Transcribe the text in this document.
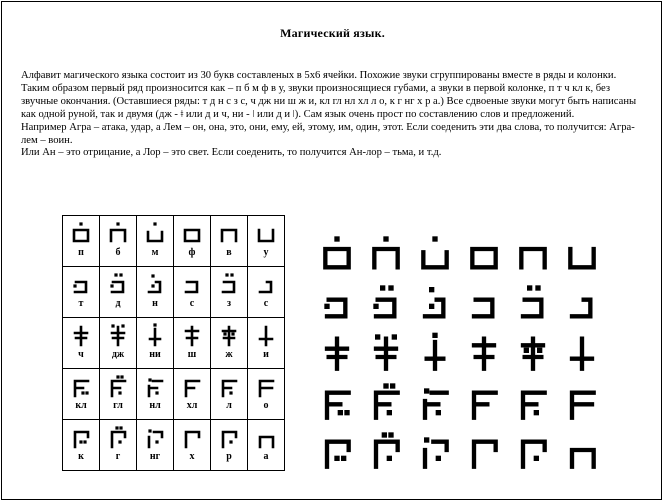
Магический язык.

Алфавит магического языка состоит из 30 букв составленых в 5х6 ячейки. Похожие звуки сгруппированы вместе в ряды и колонки. Таким образом первый ряд произносится как – п б м ф в у, звуки произносящиеся губами, а звуки в первой колонке, п т ч кл к, без звучные окончания. (Оставшиеся ряды: т д н с з с, ч дж ни ш ж и, кл гл нл хл л о, к г нг х р а.) Все сдвоеные звуки могут быть написаны как одной руной, так и двумя (дж - ǂ или д и ч, ни - ǀ или д и ǀ). Сам язык очень прост по составлению слов и предложений.

Например Агра – атака, удар, а Лем – он, она, это, они, ему, ей, этому, им, один, этот. Если соеденить эти два слова, то получится: Агра-лем – воин.

Или Ан – это отрицание, а Лор – это свет. Если соеденить, то получится Ан-лор – тьма, и т.д.

п	б	м	ф	в	у

т	д	н	с	з	с

ч	дж	ни	ш	ж	и

кл	гл	нл	хл	л	о

к	г	нг	х	р	а
